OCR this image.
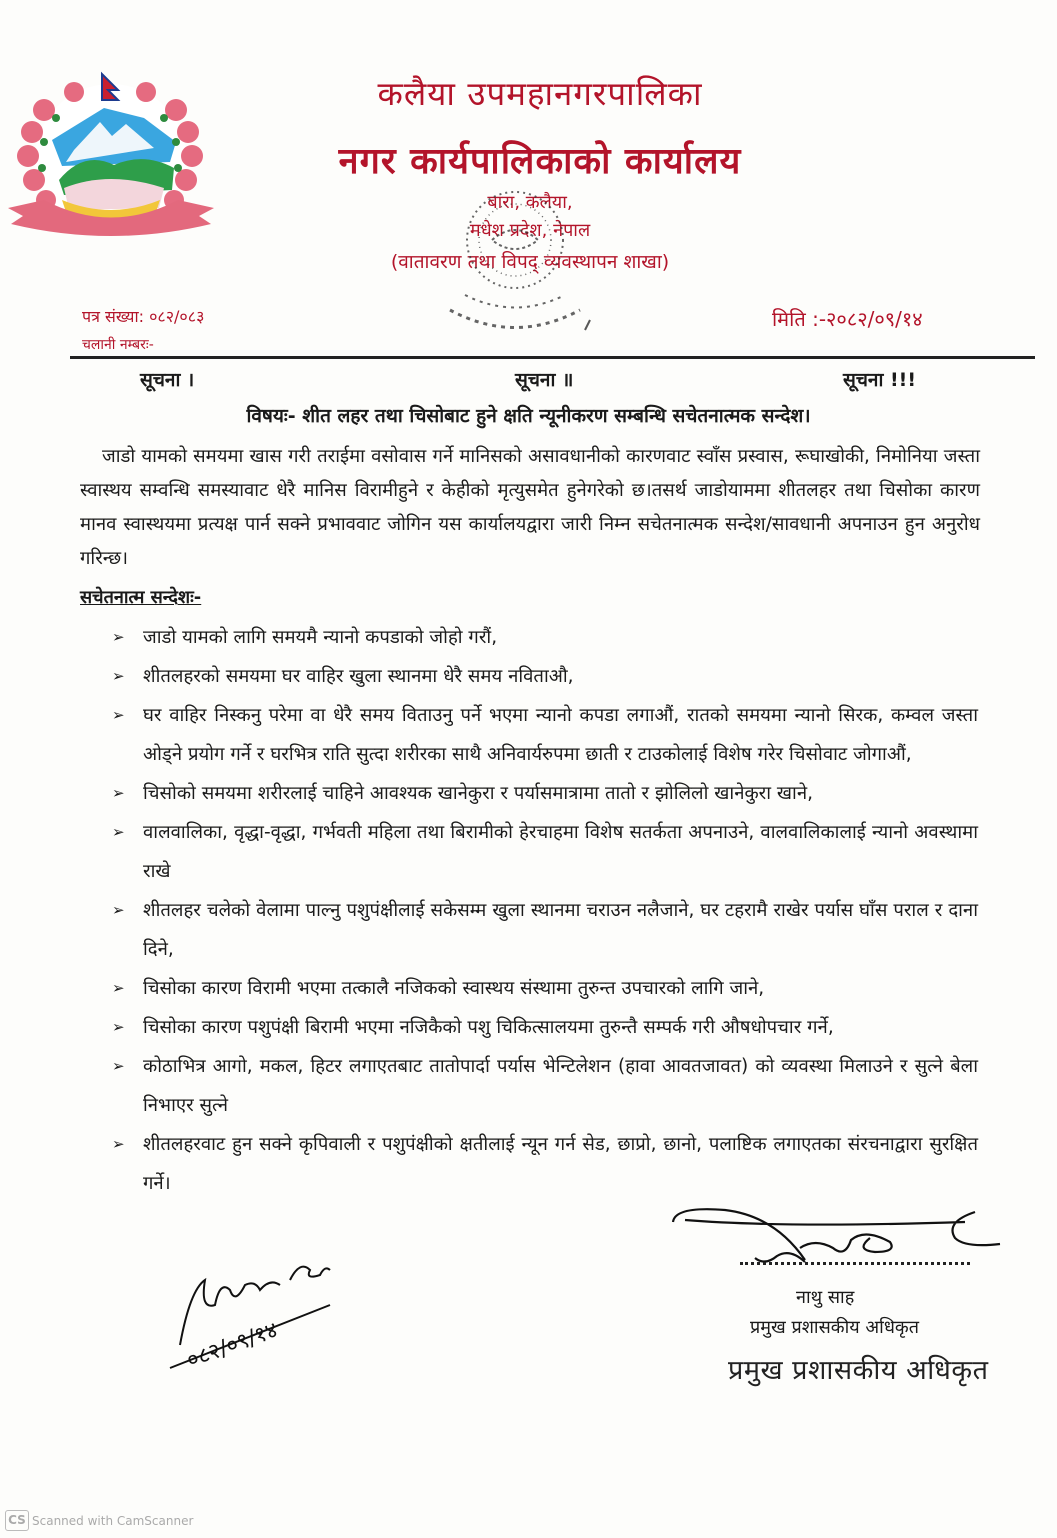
कलैया उपमहानगरपालिका
नगर कार्यपालिकाको कार्यालय
बारा, कलैया,
मधेश प्रदेश, नेपाल
(वातावरण तथा विपद् व्यवस्थापन शाखा)
पत्र संख्या: ०८२/०८३
चलानी नम्बरः-
मिति :-२०८२/०९/१४
सूचना ।	सूचना ॥	सूचना !!!
विषयः- शीत लहर तथा चिसोबाट हुने क्षति न्यूनीकरण सम्बन्धि सचेतनात्मक सन्देश।
जाडो यामको समयमा खास गरी तराईमा वसोवास गर्ने मानिसको असावधानीको कारणवाट स्वाँस प्रस्वास, रूघाखोकी, निमोनिया जस्ता स्वास्थय सम्वन्धि समस्यावाट धेरै मानिस विरामीहुने र केहीको मृत्युसमेत हुनेगरेको छ।तसर्थ जाडोयाममा शीतलहर तथा चिसोका कारण मानव स्वास्थयमा प्रत्यक्ष पार्न सक्ने प्रभाववाट जोगिन यस कार्यालयद्वारा जारी निम्न सचेतनात्मक सन्देश/सावधानी अपनाउन हुन अनुरोध गरिन्छ।
सचेतनात्म सन्देशः-
➢ जाडो यामको लागि समयमै न्यानो कपडाको जोहो गरौं,
➢ शीतलहरको समयमा घर वाहिर खुला स्थानमा धेरै समय नविताऔ,
➢ घर वाहिर निस्कनु परेमा वा धेरै समय विताउनु पर्ने भएमा न्यानो कपडा लगाऔं, रातको समयमा न्यानो सिरक, कम्वल जस्ता ओड्ने प्रयोग गर्ने र घरभित्र राति सुत्दा शरीरका साथै अनिवार्यरुपमा छाती र टाउकोलाई विशेष गरेर चिसोवाट जोगाऔं,
➢ चिसोको समयमा शरीरलाई चाहिने आवश्यक खानेकुरा र पर्यासमात्रामा तातो र झोलिलो खानेकुरा खाने,
➢ वालवालिका, वृद्धा-वृद्धा, गर्भवती महिला तथा बिरामीको हेरचाहमा विशेष सतर्कता अपनाउने, वालवालिकालाई न्यानो अवस्थामा राखे
➢ शीतलहर चलेको वेलामा पाल्नु पशुपंक्षीलाई सकेसम्म खुला स्थानमा चराउन नलैजाने, घर टहरामै राखेर पर्यास घाँस पराल र दाना दिने,
➢ चिसोका कारण विरामी भएमा तत्कालै नजिकको स्वास्थय संस्थामा तुरुन्त उपचारको लागि जाने,
➢ चिसोका कारण पशुपंक्षी बिरामी भएमा नजिकैको पशु चिकित्सालयमा तुरुन्तै सम्पर्क गरी औषधोपचार गर्ने,
➢ कोठाभित्र आगो, मकल, हिटर लगाएतबाट तातोपार्दा पर्यास भेन्टिलेशन (हावा आवतजावत) को व्यवस्था मिलाउने र सुत्ने बेला निभाएर सुत्ने
➢ शीतलहरवाट हुन सक्ने कृपिवाली र पशुपंक्षीको क्षतीलाई न्यून गर्न सेड, छाप्रो, छानो, पलाष्टिक लगाएतका संरचनाद्वारा सुरक्षित गर्ने।
नाथु साह
प्रमुख प्रशासकीय अधिकृत
प्रमुख प्रशासकीय अधिकृत
०८२/०९/१४
CS Scanned with CamScanner
